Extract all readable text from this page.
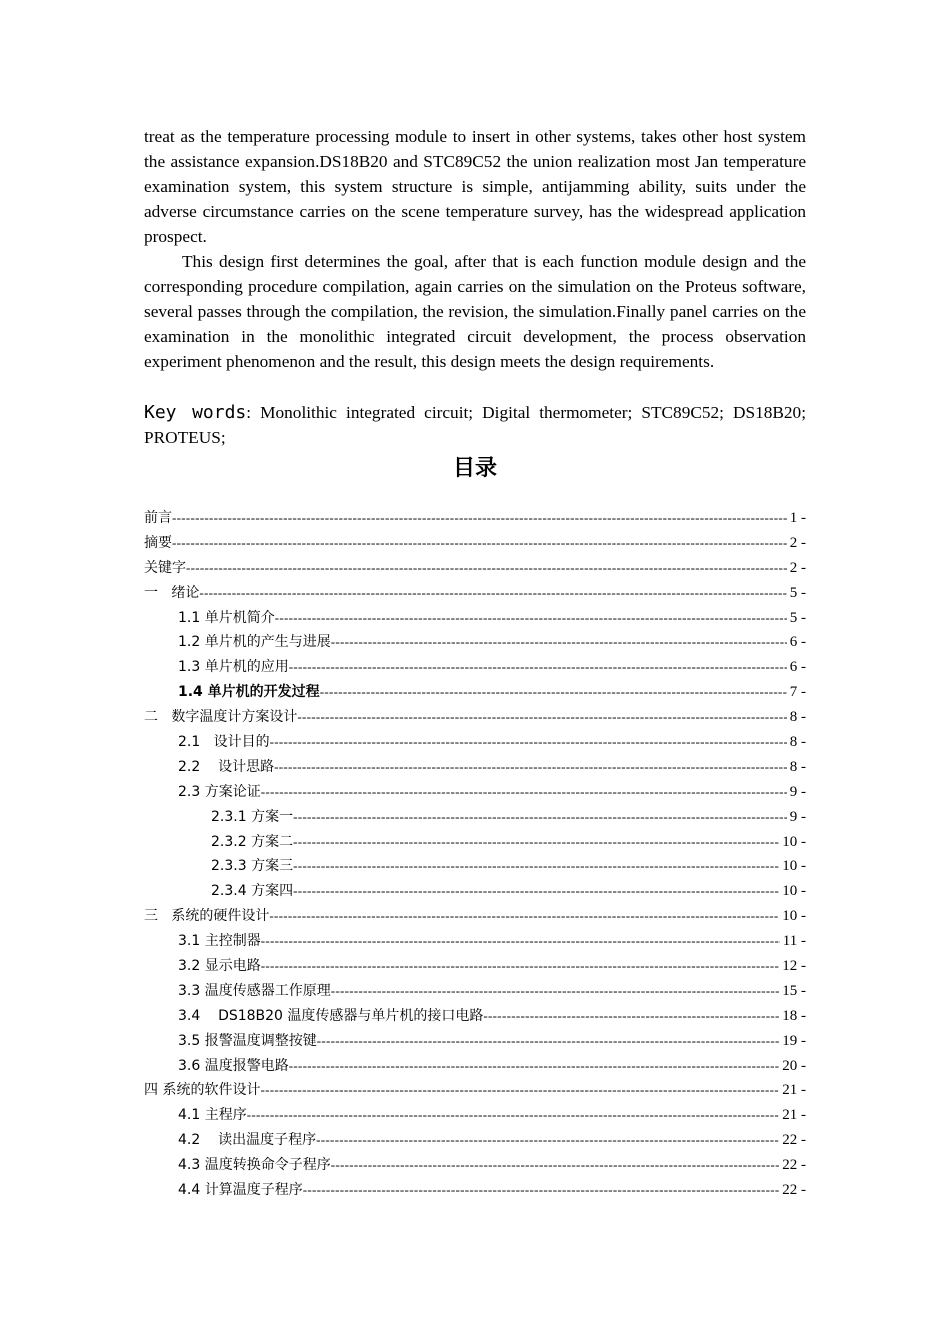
treat as the temperature processing module to insert in other systems, takes other host system the assistance expansion.DS18B20 and STC89C52 the union realization most Jan temperature examination system, this system structure is simple, antijamming ability, suits under the adverse circumstance carries on the scene temperature survey, has the widespread application prospect.

This design first determines the goal, after that is each function module design and the corresponding procedure compilation, again carries on the simulation on the Proteus software, several passes through the compilation, the revision, the simulation.Finally panel carries on the examination in the monolithic integrated circuit development, the process observation experiment phenomenon and the result, this design meets the design requirements.

Key words: Monolithic integrated circuit; Digital thermometer; STC89C52; DS18B20; PROTEUS;

目录
前言 -----	1 -
摘要 -----	2 -
关键字 -----	2 -
一   绪论 -----	5 -
1.1 单片机简介 -----	5 -
1.2 单片机的产生与进展 -----	6 -
1.3 单片机的应用 -----	6 -
1.4 单片机的开发过程 -----	7 -
二   数字温度计方案设计 -----	8 -
2.1   设计目的 -----	8 -
2.2    设计思路 -----	8 -
2.3 方案论证 -----	9 -
2.3.1 方案一 -----	9 -
2.3.2 方案二 -----	10 -
2.3.3 方案三 -----	10 -
2.3.4 方案四 -----	10 -
三   系统的硬件设计 -----	10 -
3.1 主控制器 -----	11 -
3.2 显示电路 -----	12 -
3.3 温度传感器工作原理 -----	15 -
3.4    DS18B20 温度传感器与单片机的接口电路 -----	18 -
3.5 报警温度调整按键 -----	19 -
3.6 温度报警电路 -----	20 -
四 系统的软件设计 -----	21 -
4.1 主程序 -----	21 -
4.2    读出温度子程序 -----	22 -
4.3 温度转换命令子程序 -----	22 -
4.4 计算温度子程序 -----	22 -
